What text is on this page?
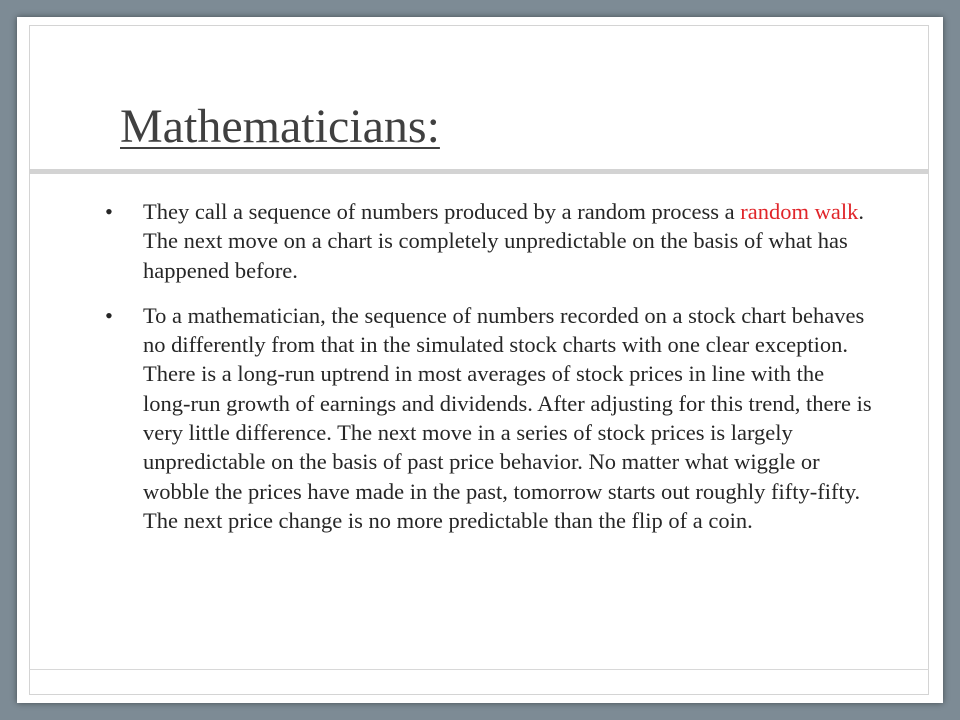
Mathematicians:
•	They call a sequence of numbers produced by a random process a random walk. The next move on a chart is completely unpredictable on the basis of what has happened before.
•	To a mathematician, the sequence of numbers recorded on a stock chart behaves no differently from that in the simulated stock charts with one clear exception. There is a long-run uptrend in most averages of stock prices in line with the long-run growth of earnings and dividends. After adjusting for this trend, there is very little difference. The next move in a series of stock prices is largely unpredictable on the basis of past price behavior. No matter what wiggle or wobble the prices have made in the past, tomorrow starts out roughly fifty-fifty. The next price change is no more predictable than the flip of a coin.
